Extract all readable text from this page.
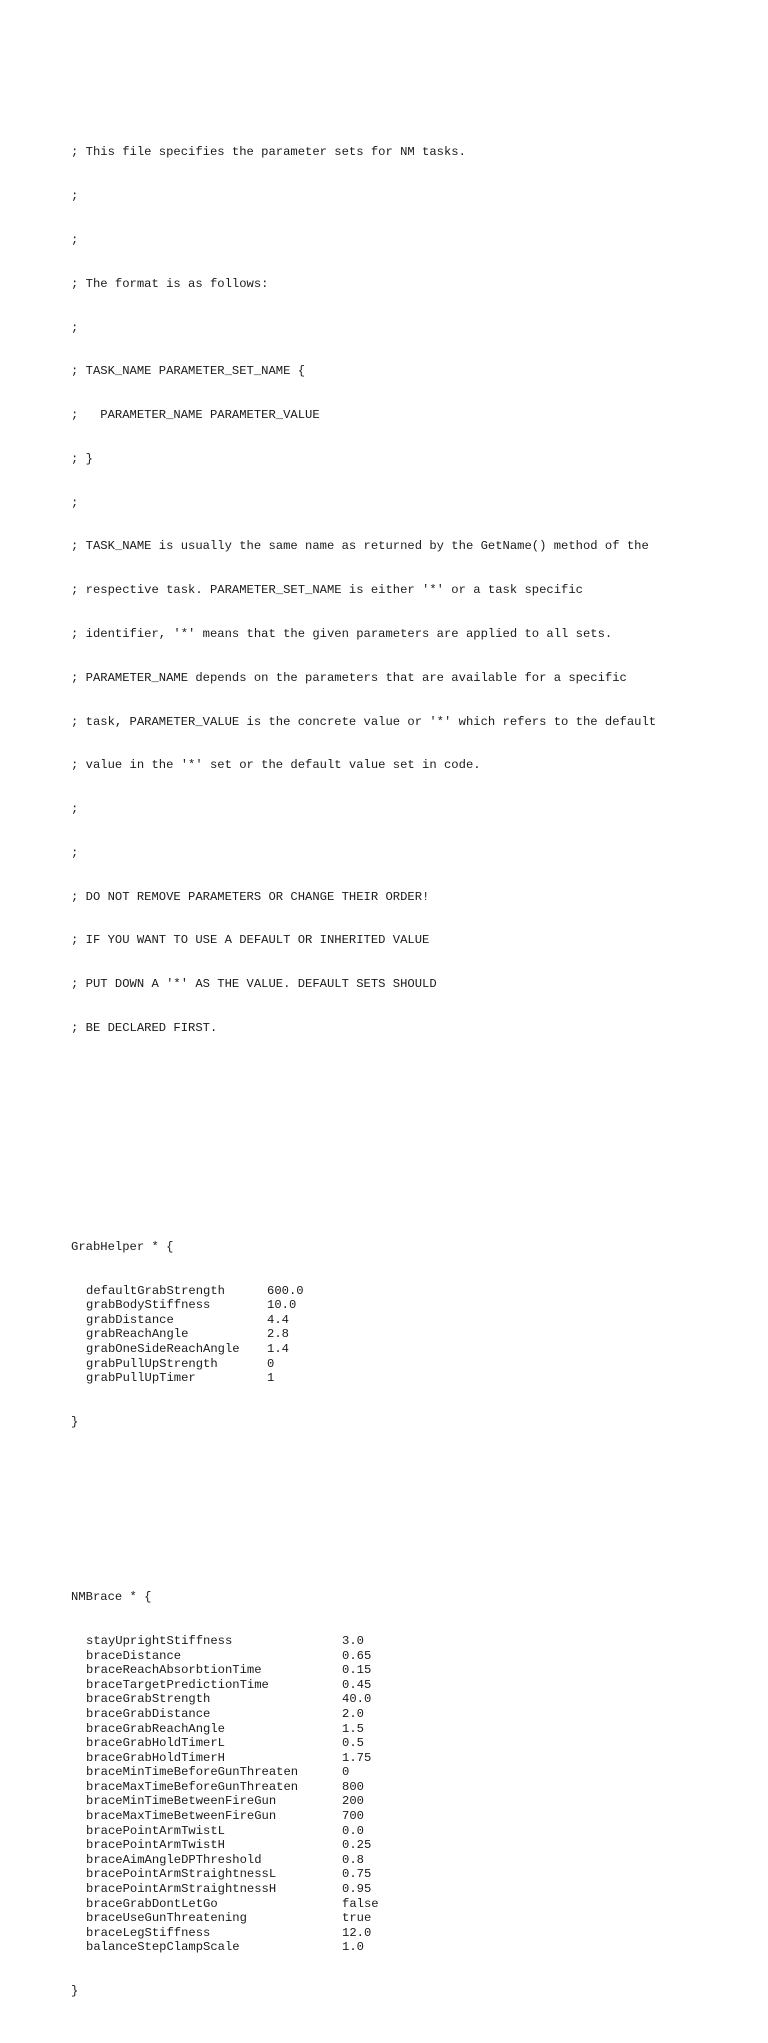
; This file specifies the parameter sets for NM tasks.

;

;

; The format is as follows:

;

; TASK_NAME PARAMETER_SET_NAME {

;   PARAMETER_NAME PARAMETER_VALUE

; }

;

; TASK_NAME is usually the same name as returned by the GetName() method of the

; respective task. PARAMETER_SET_NAME is either '*' or a task specific

; identifier, '*' means that the given parameters are applied to all sets.

; PARAMETER_NAME depends on the parameters that are available for a specific

; task, PARAMETER_VALUE is the concrete value or '*' which refers to the default

; value in the '*' set or the default value set in code.

;

;

; DO NOT REMOVE PARAMETERS OR CHANGE THEIR ORDER!

; IF YOU WANT TO USE A DEFAULT OR INHERITED VALUE

; PUT DOWN A '*' AS THE VALUE. DEFAULT SETS SHOULD

; BE DECLARED FIRST.

GrabHelper * {

defaultGrabStrength	600.0
grabBodyStiffness	10.0
grabDistance	4.4
grabReachAngle	2.8
grabOneSideReachAngle 1.4
grabPullUpStrength	0
grabPullUpTimer	1

}

NMBrace * {

stayUprightStiffness	3.0
braceDistance	0.65
braceReachAbsorbtionTime	0.15
braceTargetPredictionTime	0.45
braceGrabStrength	40.0
braceGrabDistance	2.0
braceGrabReachAngle	1.5
braceGrabHoldTimerL	0.5
braceGrabHoldTimerH	1.75
braceMinTimeBeforeGunThreaten	0
braceMaxTimeBeforeGunThreaten	800
braceMinTimeBetweenFireGun	200
braceMaxTimeBetweenFireGun	700
bracePointArmTwistL	0.0
bracePointArmTwistH	0.25
braceAimAngleDPThreshold	0.8
bracePointArmStraightnessL	0.75
bracePointArmStraightnessH	0.95
braceGrabDontLetGo	false
braceUseGunThreatening	true
braceLegStiffness	12.0
balanceStepClampScale	1.0

}
